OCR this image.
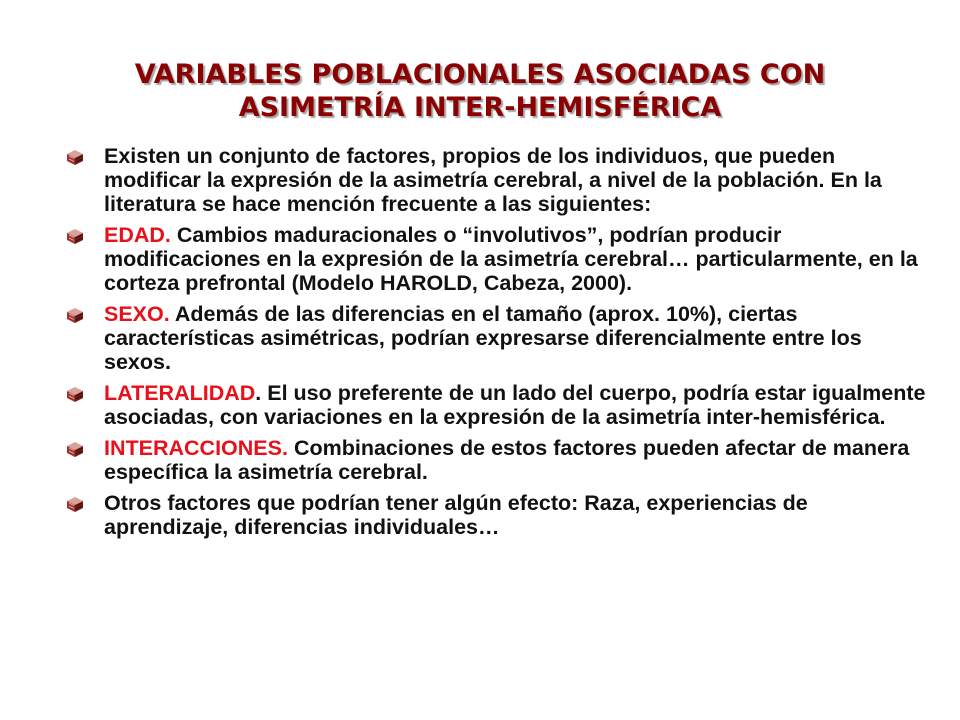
VARIABLES POBLACIONALES ASOCIADAS CON
ASIMETRÍA INTER-HEMISFÉRICA
Existen un conjunto de factores, propios de los individuos, que pueden modificar la expresión de la asimetría cerebral, a nivel de la población. En la literatura se hace mención frecuente a las siguientes:
EDAD. Cambios maduracionales o “involutivos”, podrían producir modificaciones en la expresión de la asimetría cerebral… particularmente, en la corteza prefrontal (Modelo HAROLD, Cabeza, 2000).
SEXO. Además de las diferencias en el tamaño (aprox. 10%), ciertas características asimétricas, podrían expresarse diferencialmente entre los sexos.
LATERALIDAD. El uso preferente de un lado del cuerpo, podría estar igualmente asociadas, con variaciones en la expresión de la asimetría inter-hemisférica.
INTERACCIONES. Combinaciones de estos factores pueden afectar de manera específica la asimetría cerebral.
Otros factores que podrían tener algún efecto: Raza, experiencias de aprendizaje, diferencias individuales…
